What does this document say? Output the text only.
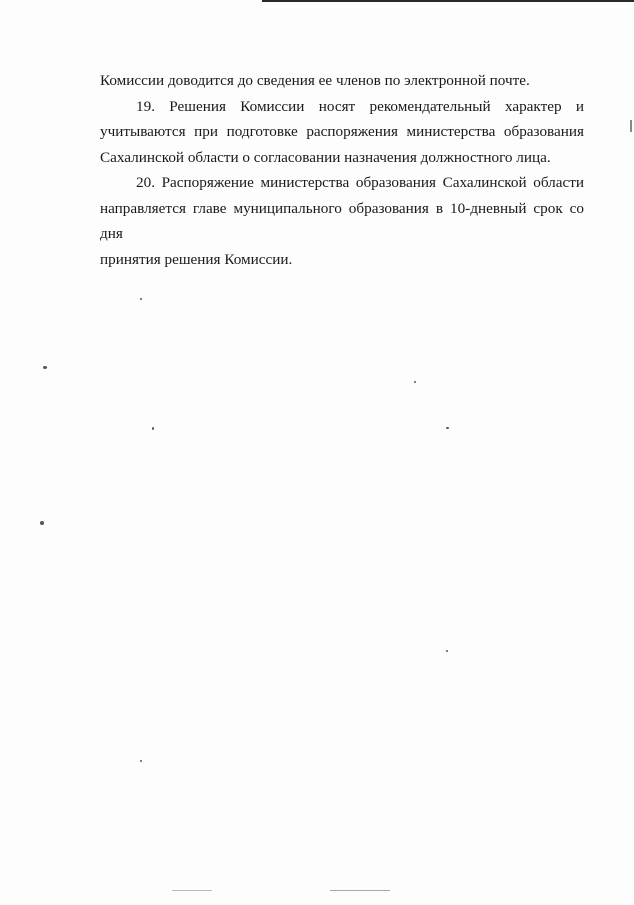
Комиссии доводится до сведения ее членов по электронной почте.

19. Решения Комиссии носят рекомендательный характер и
учитываются при подготовке распоряжения министерства образования
Сахалинской области о согласовании назначения должностного лица.

20. Распоряжение министерства образования Сахалинской области
направляется главе муниципального образования в 10-дневный срок со дня
принятия решения Комиссии.
